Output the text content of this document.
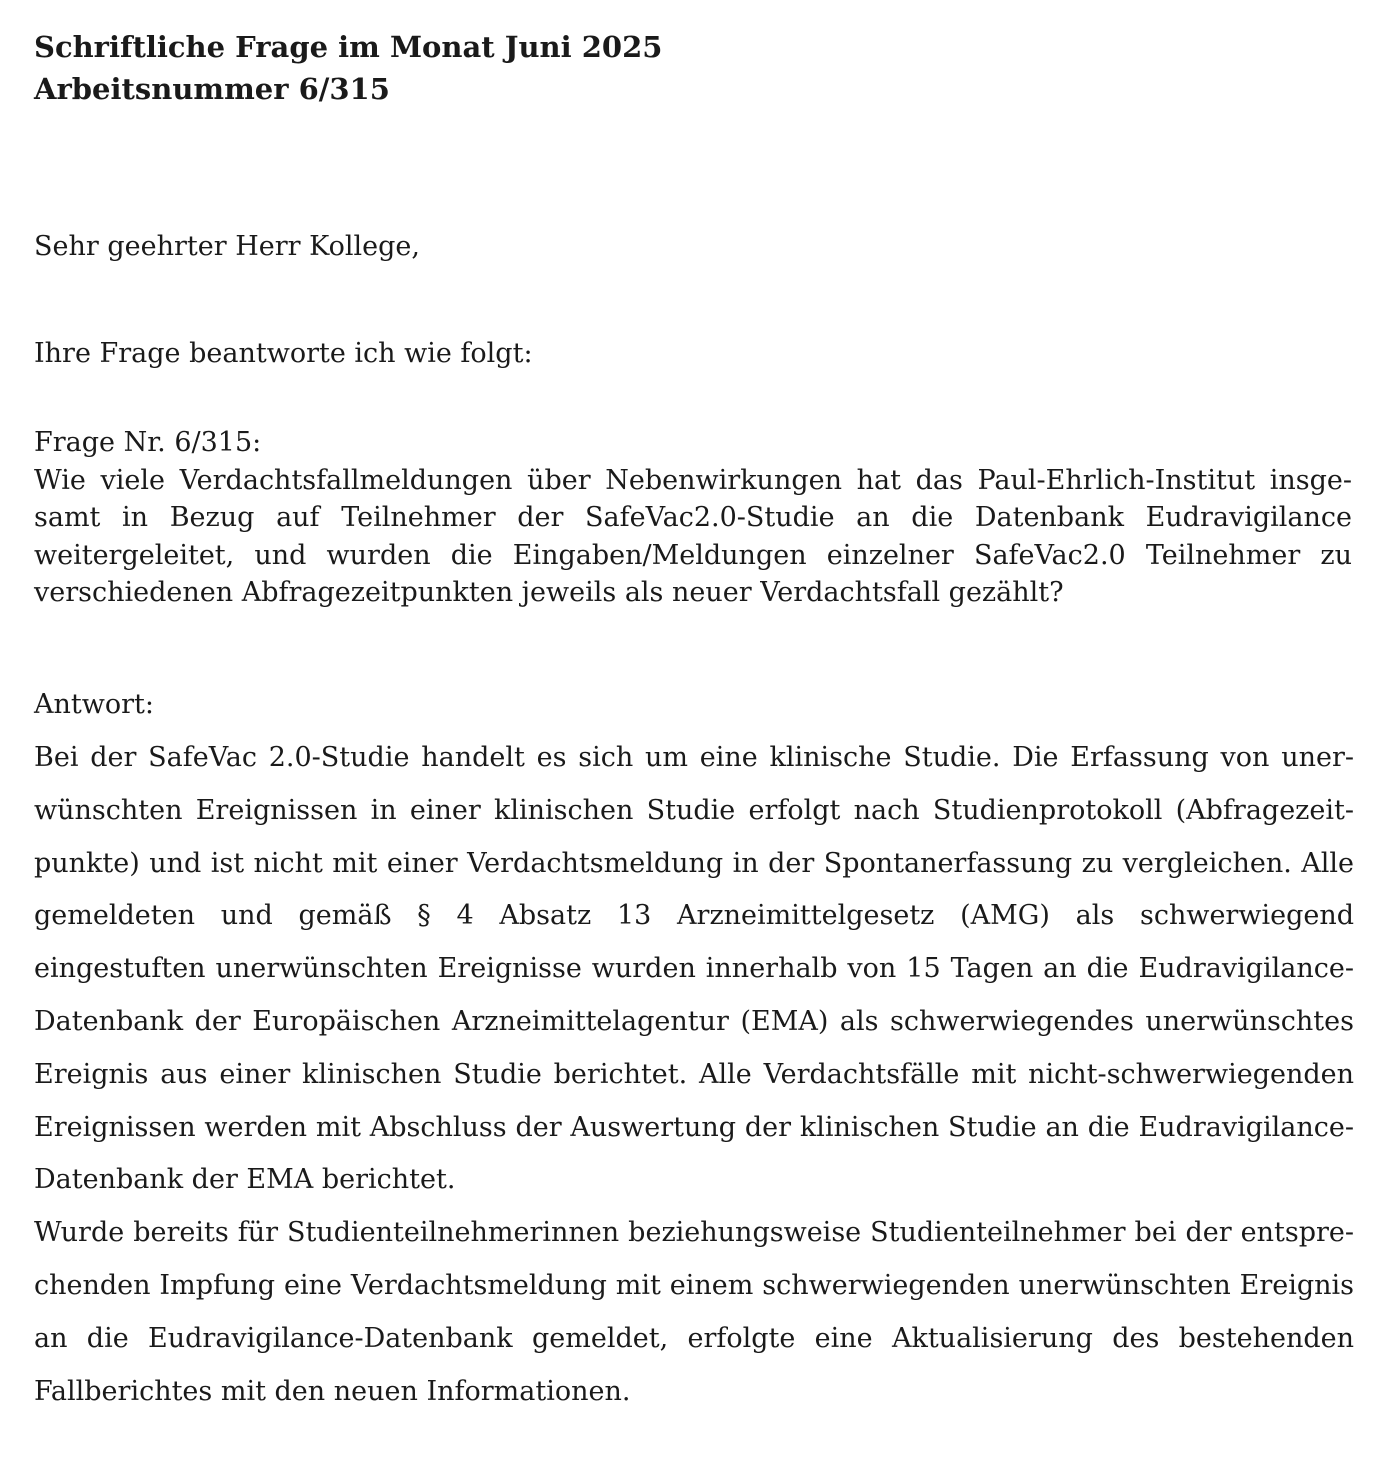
Schriftliche Frage im Monat Juni 2025
Arbeitsnummer 6/315
Sehr geehrter Herr Kollege,
Ihre Frage beantworte ich wie folgt:
Frage Nr. 6/315:
Wie viele Verdachtsfallmeldungen über Nebenwirkungen hat das Paul-Ehrlich-Institut insgesamt in Bezug auf Teilnehmer der SafeVac2.0-Studie an die Datenbank Eudravigilance weitergeleitet, und wurden die Eingaben/Meldungen einzelner SafeVac2.0 Teilnehmer zu verschiedenen Abfragezeitpunkten jeweils als neuer Verdachtsfall gezählt?
Antwort:

Bei der SafeVac 2.0-Studie handelt es sich um eine klinische Studie. Die Erfassung von unerwünschten Ereignissen in einer klinischen Studie erfolgt nach Studienprotokoll (Abfragezeitpunkte) und ist nicht mit einer Verdachtsmeldung in der Spontanerfassung zu vergleichen. Alle gemeldeten und gemäß § 4 Absatz 13 Arzneimittelgesetz (AMG) als schwerwiegend eingestuften unerwünschten Ereignisse wurden innerhalb von 15 Tagen an die Eudravigilance-Datenbank der Europäischen Arzneimittelagentur (EMA) als schwerwiegendes unerwünschtes Ereignis aus einer klinischen Studie berichtet. Alle Verdachtsfälle mit nicht-schwerwiegenden Ereignissen werden mit Abschluss der Auswertung der klinischen Studie an die Eudravigilance-Datenbank der EMA berichtet.

Wurde bereits für Studienteilnehmerinnen beziehungsweise Studienteilnehmer bei der entsprechenden Impfung eine Verdachtsmeldung mit einem schwerwiegenden unerwünschten Ereignis an die Eudravigilance-Datenbank gemeldet, erfolgte eine Aktualisierung des bestehenden Fallberichtes mit den neuen Informationen.
